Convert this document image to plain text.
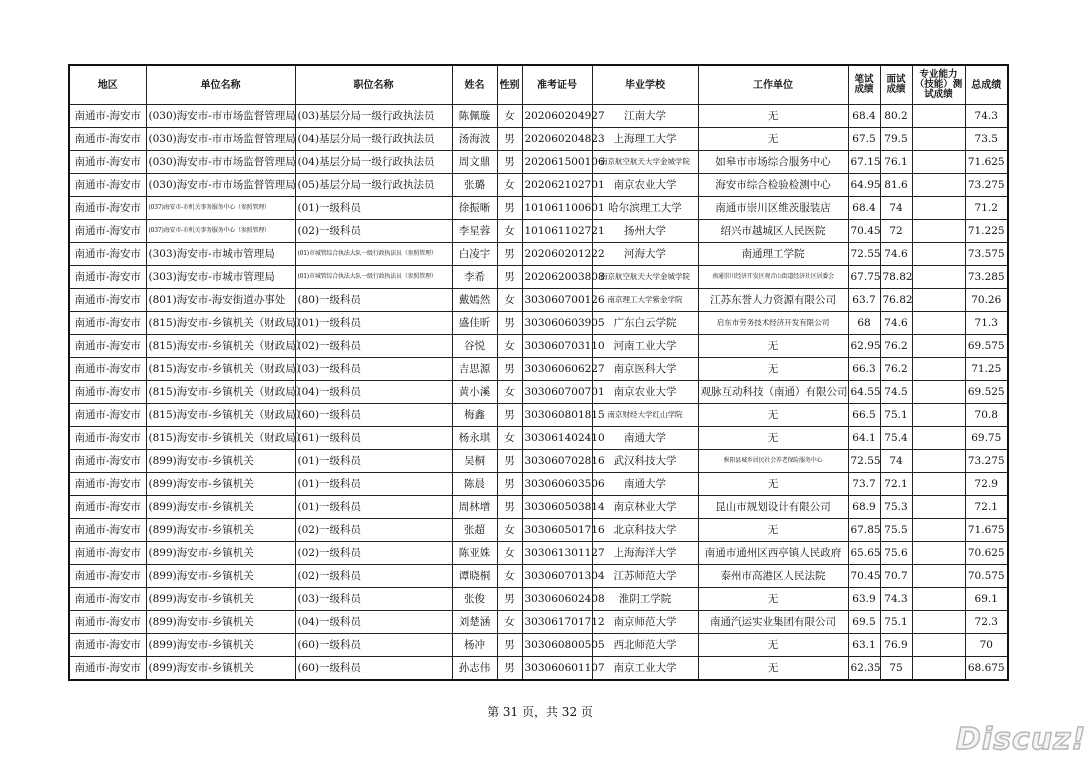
地区	单位名称	职位名称	姓名	性别	准考证号	毕业学校	工作单位	笔试成绩	面试成绩	专业能力（技能）测试成绩	总成绩
南通市-海安市	(030)海安市-市市场监督管理局	(03)基层分局一级行政执法员	陈佩璇	女	202060204927	江南大学	无	68.4	80.2		74.3
南通市-海安市	(030)海安市-市市场监督管理局	(04)基层分局一级行政执法员	汤海波	男	202060204823	上海理工大学	无	67.5	79.5		73.5
南通市-海安市	(030)海安市-市市场监督管理局	(04)基层分局一级行政执法员	周文鼎	男	202061500106	南京航空航天大学金城学院	如皋市市场综合服务中心	67.15	76.1		71.625
南通市-海安市	(030)海安市-市市场监督管理局	(05)基层分局一级行政执法员	张璐	女	202062102701	南京农业大学	海安市综合检验检测中心	64.95	81.6		73.275
南通市-海安市	(037)海安市-市机关事务服务中心（参照管理）	(01)一级科员	徐振晰	男	101061100601	哈尔滨理工大学	南通市崇川区维茨服装店	68.4	74		71.2
南通市-海安市	(037)海安市-市机关事务服务中心（参照管理）	(02)一级科员	李星蓉	女	101061102721	扬州大学	绍兴市越城区人民医院	70.45	72		71.225
南通市-海安市	(303)海安市-市城市管理局	(01)市城管综合执法大队一级行政执法员（参照管理）	白凌宇	男	202060201222	河海大学	南通理工学院	72.55	74.6		73.575
南通市-海安市	(303)海安市-市城市管理局	(01)市城管综合执法大队一级行政执法员（参照管理）	李希	男	202062003808	南京航空航天大学金城学院	南通崇川经济开发区观音山街道经济社区居委会	67.75	78.82		73.285
南通市-海安市	(801)海安市-海安街道办事处	(80)一级科员	戴嫣然	女	303060700126	南京理工大学紫金学院	江苏东誉人力资源有限公司	63.7	76.82		70.26
南通市-海安市	(815)海安市-乡镇机关（财政局）	(01)一级科员	盛佳昕	男	303060603905	广东白云学院	启东市劳务技术经济开发有限公司	68	74.6		71.3
南通市-海安市	(815)海安市-乡镇机关（财政局）	(02)一级科员	谷悦	女	303060703110	河南工业大学	无	62.95	76.2		69.575
南通市-海安市	(815)海安市-乡镇机关（财政局）	(03)一级科员	吉思源	男	303060606227	南京医科大学	无	66.3	76.2		71.25
南通市-海安市	(815)海安市-乡镇机关（财政局）	(04)一级科员	黄小溪	女	303060700701	南京农业大学	观脉互动科技（南通）有限公司	64.55	74.5		69.525
南通市-海安市	(815)海安市-乡镇机关（财政局）	(60)一级科员	梅鑫	男	303060801815	南京财经大学红山学院	无	66.5	75.1		70.8
南通市-海安市	(815)海安市-乡镇机关（财政局）	(61)一级科员	杨永琪	女	303061402410	南通大学	无	64.1	75.4		69.75
南通市-海安市	(899)海安市-乡镇机关	(01)一级科员	吴桐	男	303060702816	武汉科技大学	枞阳县城乡居民社会养老保险服务中心	72.55	74		73.275
南通市-海安市	(899)海安市-乡镇机关	(01)一级科员	陈晨	男	303060603506	南通大学	无	73.7	72.1		72.9
南通市-海安市	(899)海安市-乡镇机关	(01)一级科员	周林增	男	303060503814	南京林业大学	昆山市规划设计有限公司	68.9	75.3		72.1
南通市-海安市	(899)海安市-乡镇机关	(02)一级科员	张超	女	303060501716	北京科技大学	无	67.85	75.5		71.675
南通市-海安市	(899)海安市-乡镇机关	(02)一级科员	陈亚姝	女	303061301127	上海海洋大学	南通市通州区西亭镇人民政府	65.65	75.6		70.625
南通市-海安市	(899)海安市-乡镇机关	(02)一级科员	谭晓桐	女	303060701304	江苏师范大学	泰州市高港区人民法院	70.45	70.7		70.575
南通市-海安市	(899)海安市-乡镇机关	(03)一级科员	张俊	男	303060602408	淮阴工学院	无	63.9	74.3		69.1
南通市-海安市	(899)海安市-乡镇机关	(04)一级科员	刘楚涵	女	303061701712	南京师范大学	南通汽运实业集团有限公司	69.5	75.1		72.3
南通市-海安市	(899)海安市-乡镇机关	(60)一级科员	杨冲	男	303060800505	西北师范大学	无	63.1	76.9		70
南通市-海安市	(899)海安市-乡镇机关	(60)一级科员	孙志伟	男	303060601107	南京工业大学	无	62.35	75		68.675
第 31 页，共 32 页
Discuz!
